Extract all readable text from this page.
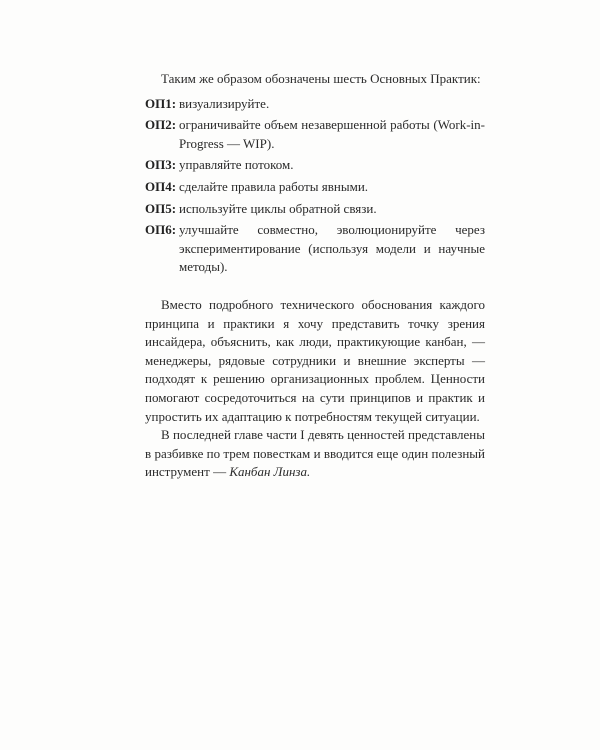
Таким же образом обозначены шесть Основных Практик:

ОП1: визуализируйте.
ОП2: ограничивайте объем незавершенной работы (Work-in-Progress — WIP).
ОП3: управляйте потоком.
ОП4: сделайте правила работы явными.
ОП5: используйте циклы обратной связи.
ОП6: улучшайте совместно, эволюционируйте через экспериментирование (используя модели и научные методы).

Вместо подробного технического обоснования каждого принципа и практики я хочу представить точку зрения инсайдера, объяснить, как люди, практикующие канбан, — менеджеры, рядовые сотрудники и внешние эксперты — подходят к решению организационных проблем. Ценности помогают сосредоточиться на сути принципов и практик и упростить их адаптацию к потребностям текущей ситуации.

В последней главе части I девять ценностей представлены в разбивке по трем повесткам и вводится еще один полезный инструмент — Канбан Линза.
